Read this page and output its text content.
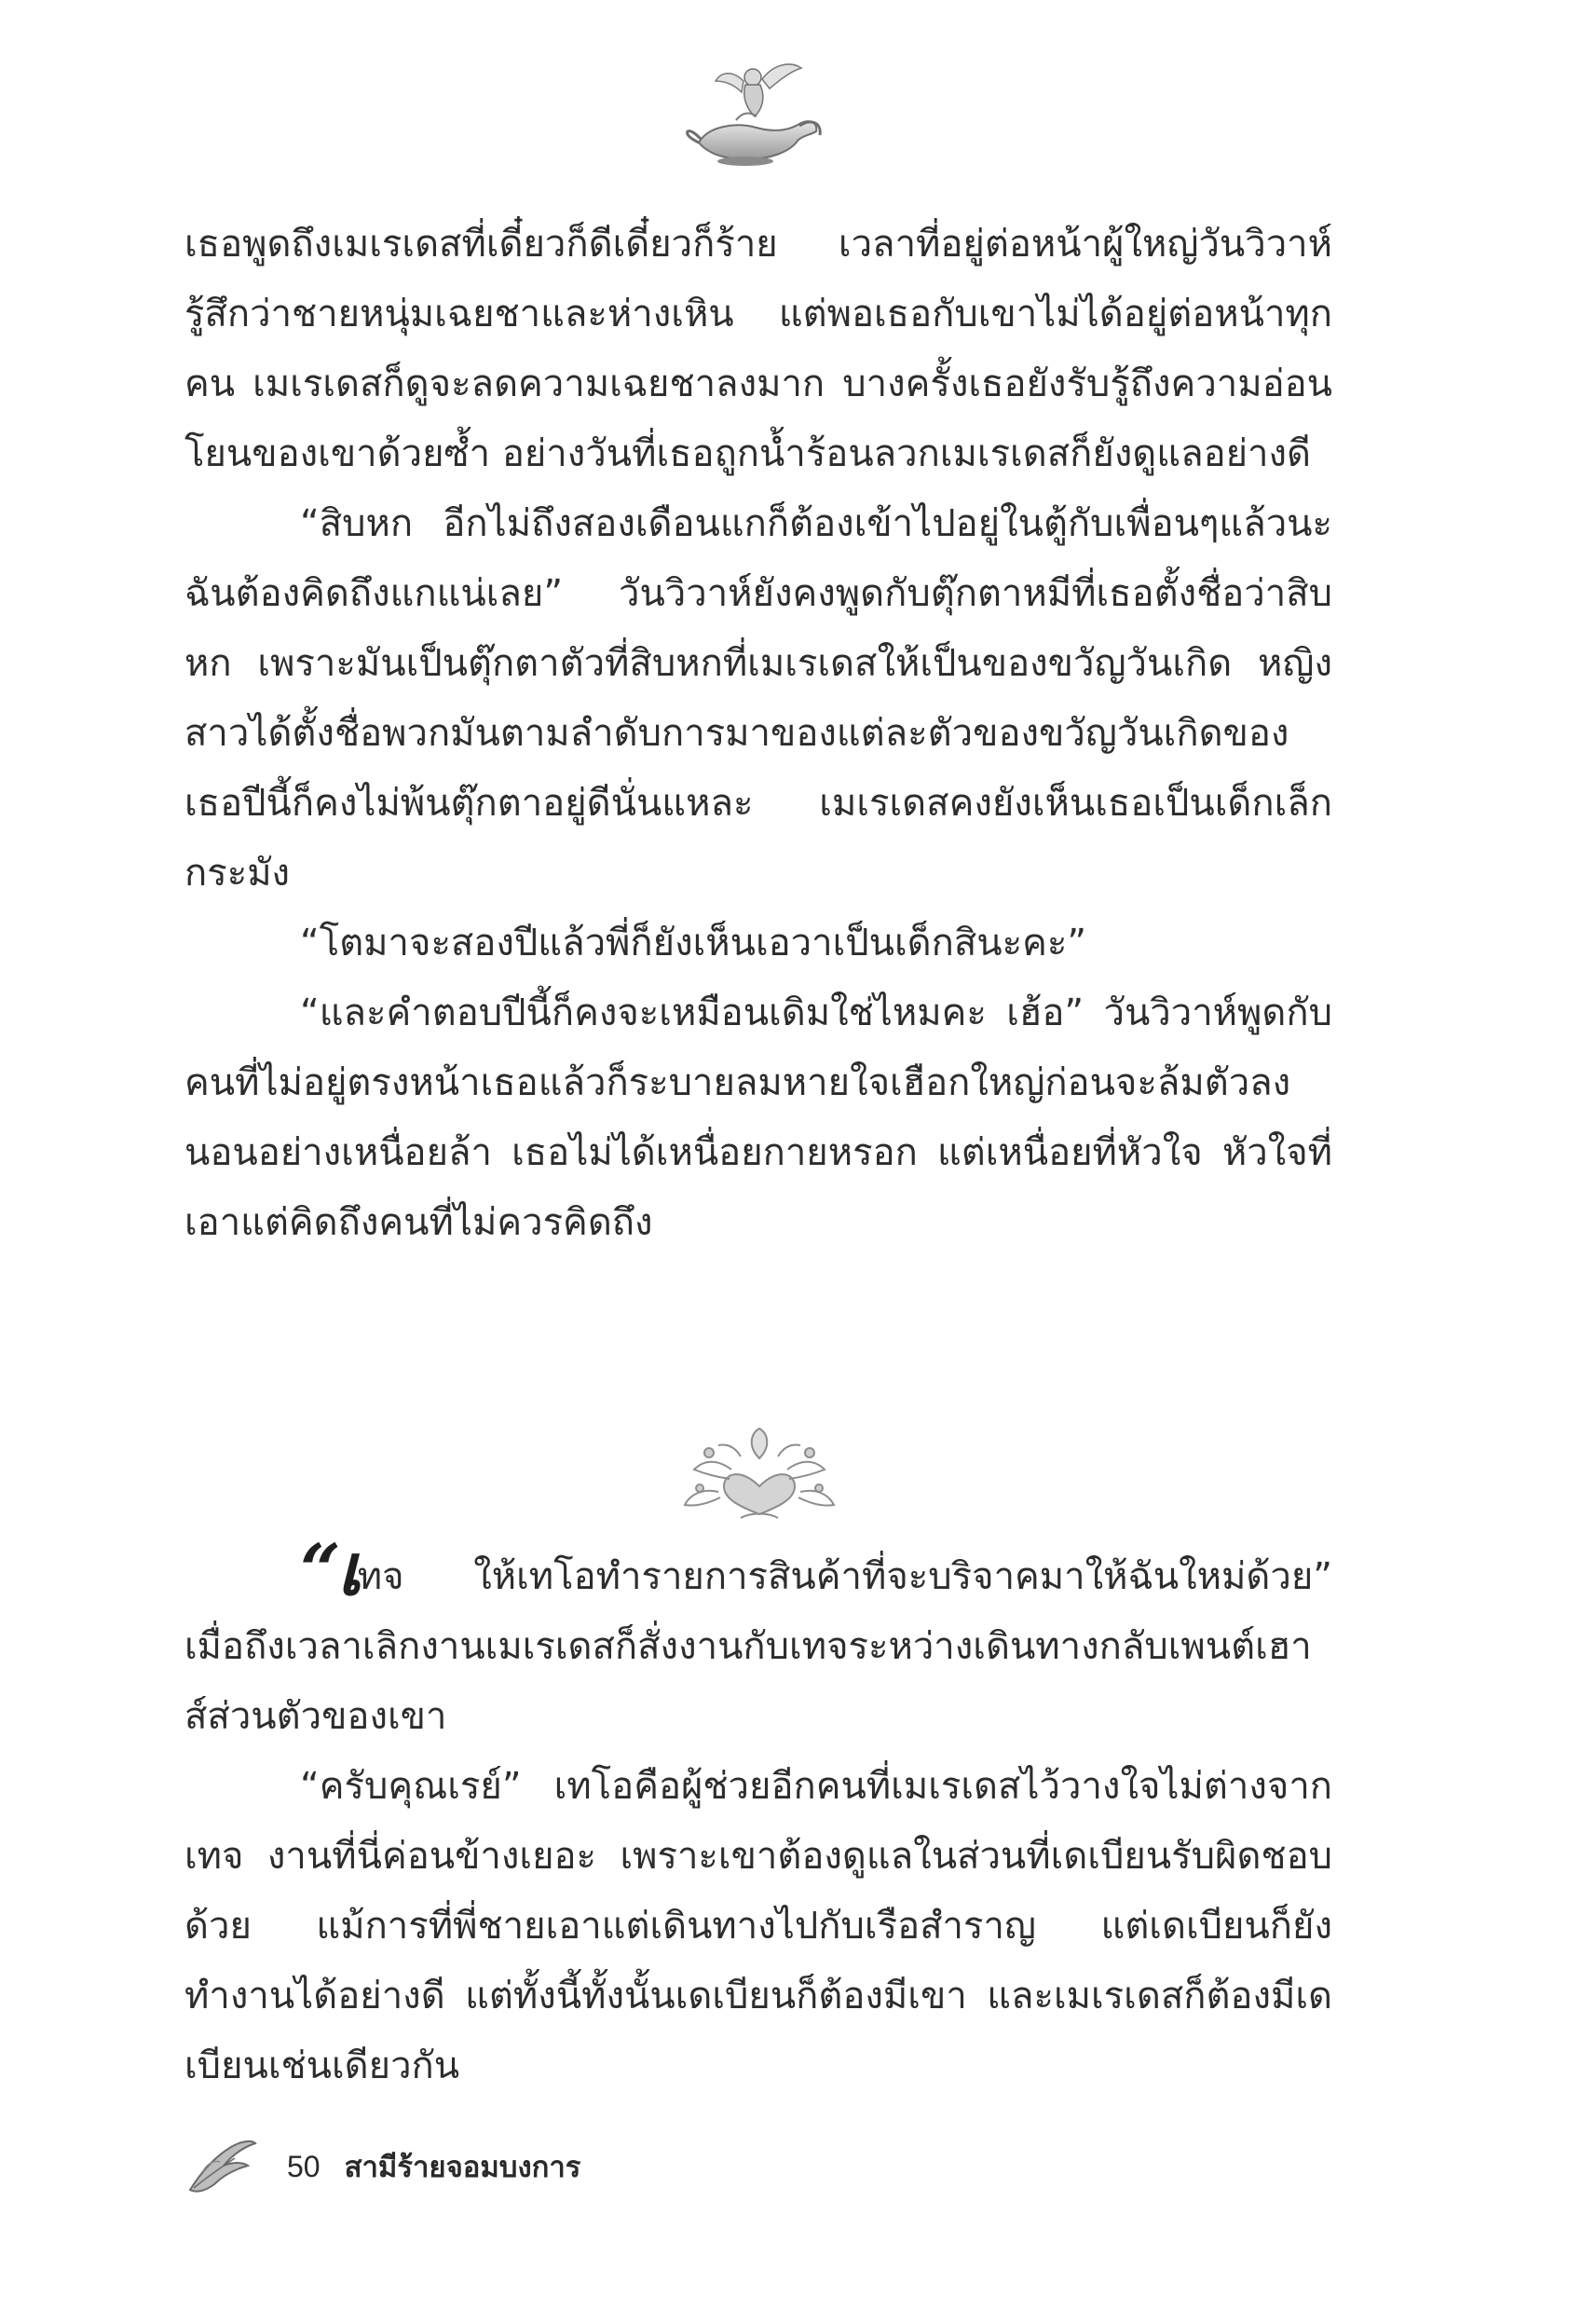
เธอพูดถึงเมเรเดสที่เดี๋ยวก็ดีเดี๋ยวก็ร้าย เวลาที่อยู่ต่อหน้าผู้ใหญ่วันวิวาห์รู้สึกว่าชายหนุ่มเฉยชาและห่างเหิน แต่พอเธอกับเขาไม่ได้อยู่ต่อหน้าทุกคน เมเรเดสก็ดูจะลดความเฉยชาลงมาก บางครั้งเธอยังรับรู้ถึงความอ่อนโยนของเขาด้วยซ้ำ อย่างวันที่เธอถูกน้ำร้อนลวกเมเรเดสก็ยังดูแลอย่างดี

“สิบหก อีกไม่ถึงสองเดือนแกก็ต้องเข้าไปอยู่ในตู้กับเพื่อนๆแล้วนะ ฉันต้องคิดถึงแกแน่เลย” วันวิวาห์ยังคงพูดกับตุ๊กตาหมีที่เธอตั้งชื่อว่าสิบหก เพราะมันเป็นตุ๊กตาตัวที่สิบหกที่เมเรเดสให้เป็นของขวัญวันเกิด หญิงสาวได้ตั้งชื่อพวกมันตามลำดับการมาของแต่ละตัวของขวัญวันเกิดของเธอปีนี้ก็คงไม่พ้นตุ๊กตาอยู่ดีนั่นแหละ เมเรเดสคงยังเห็นเธอเป็นเด็กเล็กกระมัง

“โตมาจะสองปีแล้วพี่ก็ยังเห็นเอวาเป็นเด็กสินะคะ”

“และคำตอบปีนี้ก็คงจะเหมือนเดิมใช่ไหมคะ เฮ้อ” วันวิวาห์พูดกับคนที่ไม่อยู่ตรงหน้าเธอแล้วก็ระบายลมหายใจเฮือกใหญ่ก่อนจะล้มตัวลงนอนอย่างเหนื่อยล้า เธอไม่ได้เหนื่อยกายหรอก แต่เหนื่อยที่หัวใจ หัวใจที่เอาแต่คิดถึงคนที่ไม่ควรคิดถึง

“เทจ ให้เทโอทำรายการสินค้าที่จะบริจาคมาให้ฉันใหม่ด้วย” เมื่อถึงเวลาเลิกงานเมเรเดสก็สั่งงานกับเทจระหว่างเดินทางกลับเพนต์เฮาส์ส่วนตัวของเขา

“ครับคุณเรย์” เทโอคือผู้ช่วยอีกคนที่เมเรเดสไว้วางใจไม่ต่างจากเทจ งานที่นี่ค่อนข้างเยอะ เพราะเขาต้องดูแลในส่วนที่เดเบียนรับผิดชอบด้วย แม้การที่พี่ชายเอาแต่เดินทางไปกับเรือสำราญ แต่เดเบียนก็ยังทำงานได้อย่างดี แต่ทั้งนี้ทั้งนั้นเดเบียนก็ต้องมีเขา และเมเรเดสก็ต้องมีเดเบียนเช่นเดียวกัน

50 สามีร้ายจอมบงการ
